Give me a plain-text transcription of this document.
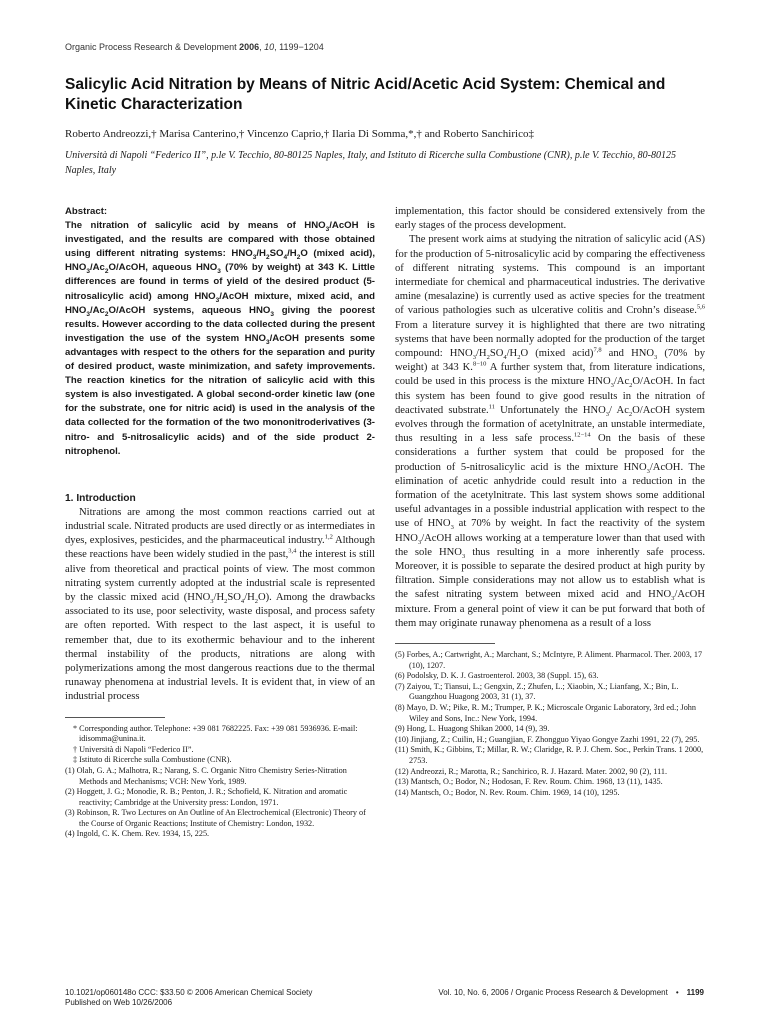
Organic Process Research & Development 2006, 10, 1199−1204
Salicylic Acid Nitration by Means of Nitric Acid/Acetic Acid System: Chemical and Kinetic Characterization
Roberto Andreozzi,† Marisa Canterino,† Vincenzo Caprio,† Ilaria Di Somma,*,† and Roberto Sanchirico‡
Università di Napoli “Federico II”, p.le V. Tecchio, 80-80125 Naples, Italy, and Istituto di Ricerche sulla Combustione (CNR), p.le V. Tecchio, 80-80125 Naples, Italy
Abstract:
The nitration of salicylic acid by means of $HNO_3$/AcOH is investigated, and the results are compared with those obtained using different nitrating systems: $HNO_3/H_2SO_4/H_2O$ (mixed acid), $HNO_3/Ac_2O$/AcOH, aqueous $HNO_3$ (70% by weight) at 343 K. Little differences are found in terms of yield of the desired product (5-nitrosalicylic acid) among $HNO_3$/AcOH mixture, mixed acid, and $HNO_3/Ac_2O$/AcOH systems, aqueous $HNO_3$ giving the poorest results. However according to the data collected during the present investigation the use of the system $HNO_3$/AcOH presents some advantages with respect to the others for the separation and purity of desired product, waste minimization, and safety improvements. The reaction kinetics for the nitration of salicylic acid with this system is also investigated. A global second-order kinetic law (one for the substrate, one for nitric acid) is used in the analysis of the data collected for the formation of the two mononitroderivatives (3-nitro- and 5-nitrosalicylic acids) and of the side product 2-nitrophenol.
1. Introduction

Nitrations are among the most common reactions carried out at industrial scale. Nitrated products are used directly or as intermediates in dyes, explosives, pesticides, and the pharmaceutical industry.$^{1,2}$ Although these reactions have been widely studied in the past,$^{3,4}$ the interest is still alive from theoretical and practical points of view. The most common nitrating system currently adopted at the industrial scale is represented by the classic mixed acid $(HNO_3/H_2SO_4/H_2O)$. Among the drawbacks associated to its use, poor selectivity, waste disposal, and process safety are often reported. With respect to the last aspect, it is useful to remember that, due to its exothermic behaviour and to the inherent thermal instability of the products, nitrations are along with polymerizations among the most dangerous reactions due to the thermal runaway phenomena at industrial levels. It is evident that, in view of an industrial process

* Corresponding author. Telephone: +39 081 7682225. Fax: +39 081 5936936. E-mail: idisomma@unina.it.
† Università di Napoli “Federico II”.
‡ Istituto di Ricerche sulla Combustione (CNR).
(1) Olah, G. A.; Malhotra, R.; Narang, S. C. Organic Nitro Chemistry Series-Nitration Methods and Mechanisms; VCH: New York, 1989.
(2) Hoggett, J. G.; Monodie, R. B.; Penton, J. R.; Schofield, K. Nitration and aromatic reactivity; Cambridge at the University press: London, 1971.
(3) Robinson, R. Two Lectures on An Outline of An Electrochemical (Electronic) Theory of the Course of Organic Reactions; Institute of Chemistry: London, 1932.
(4) Ingold, C. K. Chem. Rev. 1934, 15, 225.

implementation, this factor should be considered extensively from the early stages of the process development.

The present work aims at studying the nitration of salicylic acid (AS) for the production of 5-nitrosalicylic acid by comparing the effectiveness of different nitrating systems. This compound is an important intermediate for chemical and pharmaceutical industries. The derivative amine (mesalazine) is currently used as active species for the treatment of various pathologies such as ulcerative colitis and Crohn’s disease.$^{5,6}$ From a literature survey it is highlighted that there are two nitrating systems that have been normally adopted for the production of the target compound: $HNO_3/H_2SO_4/H_2O$ (mixed acid)$^{7,8}$ and $HNO_3$ (70% by weight) at 343 K.$^{8-10}$ A further system that, from literature indications, could be used in this process is the mixture $HNO_3/Ac_2O$/AcOH. In fact this system has been found to give good results in the nitration of deactivated substrate.$^{11}$ Unfortunately the $HNO_3/$ $Ac_2O$/AcOH system evolves through the formation of acetylnitrate, an unstable intermediate, thus resulting in a less safe process.$^{12-14}$ On the basis of these considerations a further system that could be proposed for the production of 5-nitrosalicylic acid is the mixture $HNO_3$/AcOH. The elimination of acetic anhydride could result into a reduction in the formation of the acetylnitrate. This last system shows some additional useful advantages in a possible industrial application with respect to the use of $HNO_3$ at 70% by weight. In fact the reactivity of the system $HNO_3$/AcOH allows working at a temperature lower than that used with the sole $HNO_3$ thus resulting in a more inherently safe process. Moreover, it is possible to separate the desired product at high purity by filtration. Simple considerations may not allow us to establish what is the safest nitrating system between mixed acid and $HNO_3$/AcOH mixture. From a general point of view it can be put forward that both of them may originate runaway phenomena as a result of a loss

(5) Forbes, A.; Cartwright, A.; Marchant, S.; McIntyre, P. Aliment. Pharmacol. Ther. 2003, 17 (10), 1207.
(6) Podolsky, D. K. J. Gastroenterol. 2003, 38 (Suppl. 15), 63.
(7) Zaiyou, T.; Tiansui, L.; Gengxin, Z.; Zhufen, L.; Xiaobin, X.; Lianfang, X.; Bin, L. Guangzhou Huagong 2003, 31 (1), 37.
(8) Mayo, D. W.; Pike, R. M.; Trumper, P. K.; Microscale Organic Laboratory, 3rd ed.; John Wiley and Sons, Inc.: New York, 1994.
(9) Hong, L. Huagong Shikan 2000, 14 (9), 39.
(10) Jinjiang, Z.; Cuilin, H.; Guangjian, F. Zhongguo Yiyao Gongye Zazhi 1991, 22 (7), 295.
(11) Smith, K.; Gibbins, T.; Millar, R. W.; Claridge, R. P. J. Chem. Soc., Perkin Trans. 1 2000, 2753.
(12) Andreozzi, R.; Marotta, R.; Sanchirico, R. J. Hazard. Mater. 2002, 90 (2), 111.
(13) Mantsch, O.; Bodor, N.; Hodosan, F. Rev. Roum. Chim. 1968, 13 (11), 1435.
(14) Mantsch, O.; Bodor, N. Rev. Roum. Chim. 1969, 14 (10), 1295.
10.1021/op060148o CCC: $33.50 © 2006 American Chemical Society
Published on Web 10/26/2006
Vol. 10, No. 6, 2006 / Organic Process Research & Development • 1199
